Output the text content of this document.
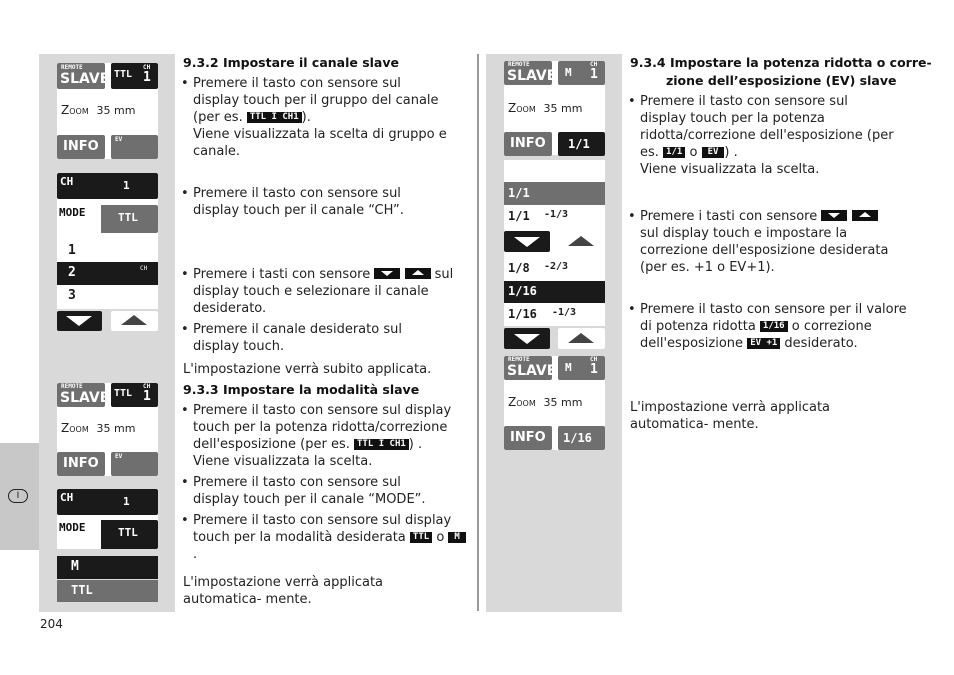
I
REMOTE
SLAVE TTL
CH
1
Zoom 35 mm
INFO	EV
CH	1
MODE	TTL
1
2	CH
3
REMOTE
SLAVE TTL
CH
1
Zoom 35 mm
INFO	EV
CH	1
MODE	TTL
M
TTL
204
9.3.2 Impostare il canale slave
• Premere il tasto con sensore sul display touch per il gruppo del canale
(per es. TTL I CH1 ).
Viene visualizzata la scelta di gruppo e canale.
• Premere il tasto con sensore sul display touch per il canale “CH”.
• Premere i tasti con sensore	sul display touch e selezionare il canale desiderato.
• Premere il canale desiderato sul display touch.
L'impostazione verrà subito applicata.
9.3.3 Impostare la modalità slave
• Premere il tasto con sensore sul display touch per la potenza ridotta/correzione dell'esposizione (per es. TTL I CH1 ) .
Viene visualizzata la scelta.
• Premere il tasto con sensore sul display touch per il canale “MODE”.
• Premere il tasto con sensore sul display touch per la modalità desiderata TTL o M.
L'impostazione verrà applicata automatica- mente.
REMOTE
SLAVE M
CH
1
Zoom 35 mm
INFO 1/1
1/1
1/1 -1/3
1/8 -2/3
1/16
1/16 -1/3
REMOTE
SLAVE M
CH
1
Zoom 35 mm
INFO 1/16
9.3.4 Impostare la potenza ridotta o corre-
zione dell’esposizione (EV) slave
• Premere il tasto con sensore sul display touch per la potenza ridotta/correzione dell'esposizione (per es. 1/1 o EV ) .
Viene visualizzata la scelta.
• Premere i tasti con sensore   sul display touch e impostare la correzione dell'esposizione desiderata
(per es. +1 o EV+1).
• Premere il tasto con sensore per il valore di potenza ridotta 1/16 o correzione dell'esposizione EV +1 desiderato.
L'impostazione verrà applicata automatica- mente.
